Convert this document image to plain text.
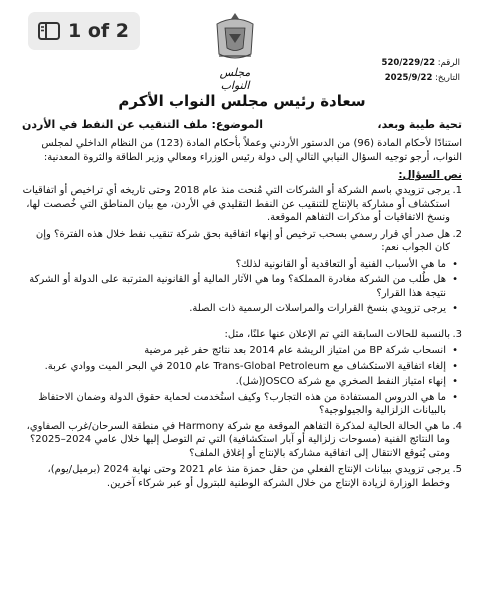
1 of 2
مجلس النواب
الرقم: 520/229/22
التاريخ: 2025/9/22
سعادة رئيس مجلس النواب الأكرم
تحية طيبة وبعد،
الموضوع: ملف التنقيب عن النفط في الأردن

استنادًا لأحكام المادة (96) من الدستور الأردني وعملاً بأحكام المادة (123) من النظام الداخلي لمجلس النواب، أرجو توجيه السؤال النيابي التالي إلى دولة رئيس الوزراء ومعالي وزير الطاقة والثروة المعدنية:

نص السؤال:
1.
يرجى تزويدي باسم الشركة أو الشركات التي مُنحت منذ عام 2018 وحتى تاريخه أي تراخيص أو اتفاقيات استكشاف أو مشاركة بالإنتاج للتنقيب عن النفط التقليدي في الأردن، مع بيان المناطق التي خُصصت لها، ونسخ الاتفاقيات أو مذكرات التفاهم الموقعة.
2.
هل صدر أي قرار رسمي بسحب ترخيص أو إنهاء اتفاقية بحق شركة تنقيب نفط خلال هذه الفترة؟ وإن كان الجواب نعم:
•
ما هي الأسباب الفنية أو التعاقدية أو القانونية لذلك؟
•
هل طُلب من الشركة مغادرة المملكة؟ وما هي الآثار المالية أو القانونية المترتبة على الدولة أو الشركة نتيجة هذا القرار؟
•
يرجى تزويدي بنسخ القرارات والمراسلات الرسمية ذات الصلة.
3.
بالنسبة للحالات السابقة التي تم الإعلان عنها علنًا، مثل:
•
انسحاب شركة BP من امتياز الريشة عام 2014 بعد نتائج حفر غير مرضية
•
إلغاء اتفاقية الاستكشاف مع Trans-Global Petroleum عام 2010 في البحر الميت ووادي عربة.
•
إنهاء امتياز النفط الصخري مع شركة JOSCO(شل).
•
ما هي الدروس المستفادة من هذه التجارب؟ وكيف استُخدمت لحماية حقوق الدولة وضمان الاحتفاظ بالبيانات الزلزالية والجيولوجية؟
4.
ما هي الحالة الحالية لمذكرة التفاهم الموقعة مع شركة Harmony في منطقة السرحان/غرب الصفاوي، وما النتائج الفنية (مسوحات زلزالية أو آبار استكشافية) التي تم التوصل إليها خلال عامي 2024–2025؟ ومتى يُتوقع الانتقال إلى اتفاقية مشاركة بالإنتاج أو إغلاق الملف؟
5.
يرجى تزويدي ببيانات الإنتاج الفعلي من حقل حمزة منذ عام 2021 وحتى نهاية 2024 (برميل/يوم)، وخطط الوزارة لزيادة الإنتاج من خلال الشركة الوطنية للبترول أو عبر شركاء آخرين.
